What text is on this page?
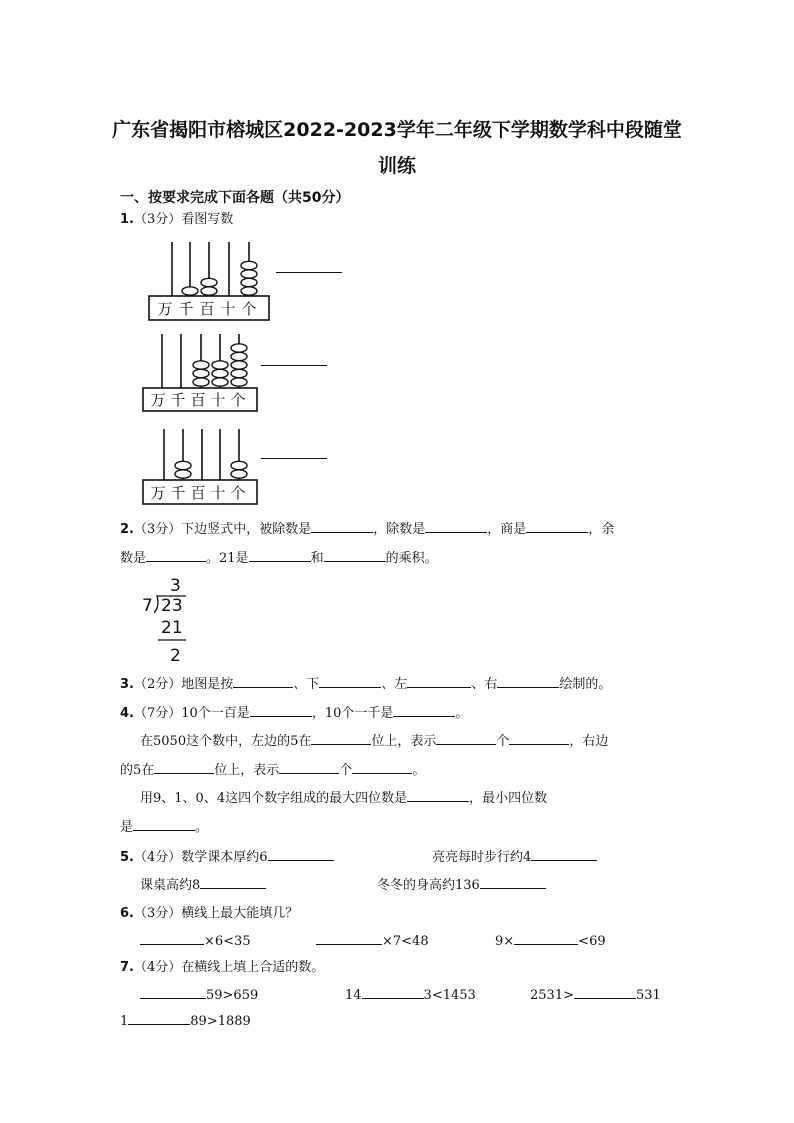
广东省揭阳市榕城区2022-2023学年二年级下学期数学科中段随堂
训练
一、按要求完成下面各题（共50分）
1.（3分）看图写数
万 千 百 十 个
万 千 百 十 个
万 千 百 十 个
2.（3分）下边竖式中，被除数是	，除数是	，商是	，余
数是	。21是	和	的乘积。
3
7 23
21
2
3.（2分）地图是按	、下	、左	、右	绘制的。
4.（7分）10个一百是	，10个一千是	。
在5050这个数中，左边的5在	位上，表示	个	，右边
的5在	位上，表示	个	。
用9、1、0、4这四个数字组成的最大四位数是	，最小四位数
是	。
5.（4分）数学课本厚约6	亮亮每时步行约4
课桌高约8	冬冬的身高约136
6.（3分）横线上最大能填几？
×6<35	×7<48	9×	<69
7.（4分）在横线上填上合适的数。
59>659	14	3<1453	2531>	531
1	89>1889
